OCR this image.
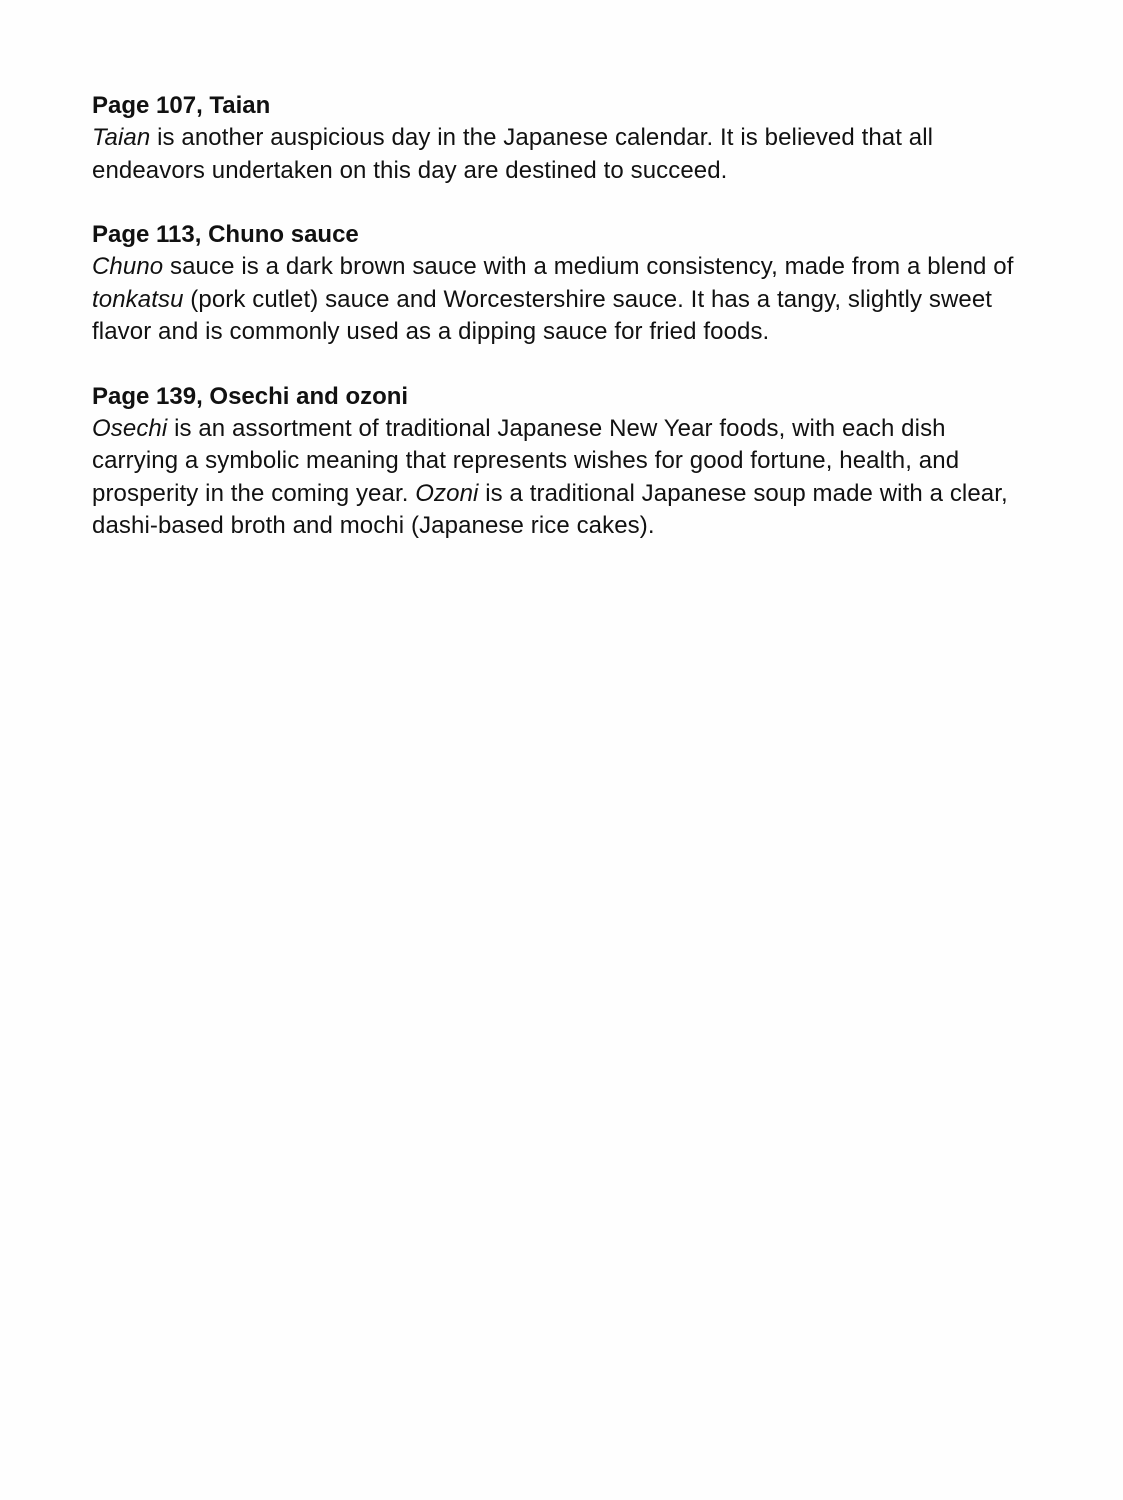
Page 107, Taian

Taian is another auspicious day in the Japanese calendar. It is believed that all endeavors undertaken on this day are destined to succeed.

Page 113, Chuno sauce

Chuno sauce is a dark brown sauce with a medium consistency, made from a blend of tonkatsu (pork cutlet) sauce and Worcestershire sauce. It has a tangy, slightly sweet flavor and is commonly used as a dipping sauce for fried foods.

Page 139, Osechi and ozoni

Osechi is an assortment of traditional Japanese New Year foods, with each dish carrying a symbolic meaning that represents wishes for good fortune, health, and prosperity in the coming year. Ozoni is a traditional Japanese soup made with a clear, dashi-based broth and mochi (Japanese rice cakes).
